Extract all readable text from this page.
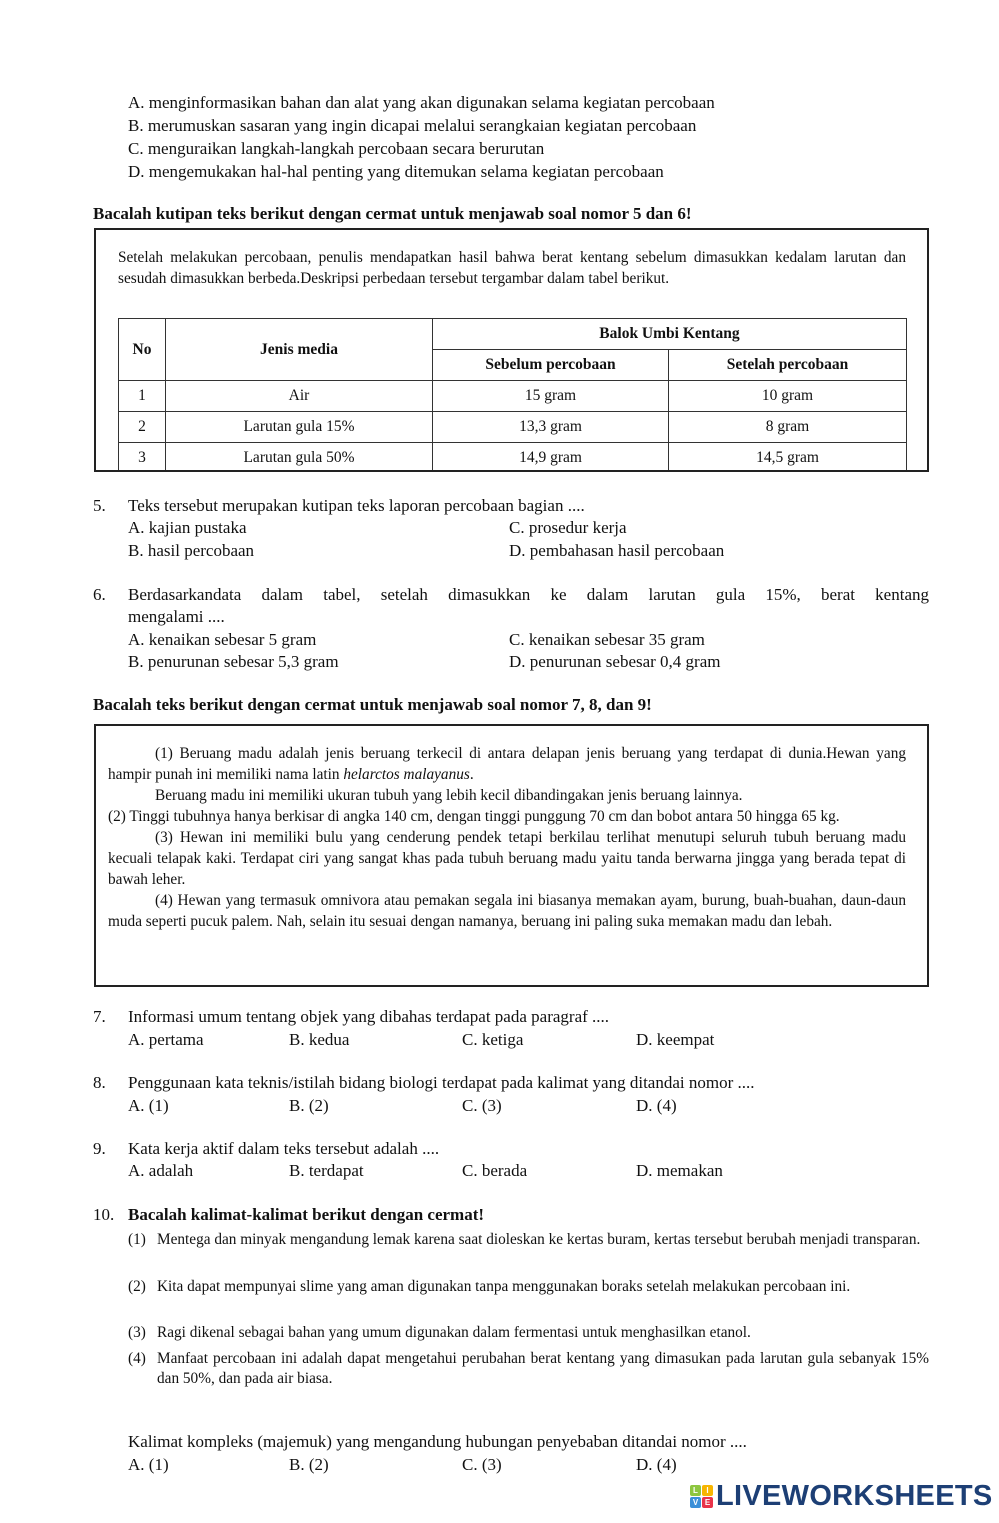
A. menginformasikan bahan dan alat yang akan digunakan selama kegiatan percobaan
B. merumuskan sasaran yang ingin dicapai melalui serangkaian kegiatan percobaan
C. menguraikan langkah-langkah percobaan secara berurutan
D. mengemukakan hal-hal penting yang ditemukan selama kegiatan percobaan
Bacalah kutipan teks berikut dengan cermat untuk menjawab soal nomor 5 dan 6!
Setelah melakukan percobaan, penulis mendapatkan hasil bahwa berat kentang sebelum dimasukkan kedalam larutan dan sesudah dimasukkan berbeda.Deskripsi perbedaan tersebut tergambar dalam tabel berikut.
No	Jenis media	Balok Umbi Kentang	
		Sebelum percobaan	Setelah percobaan
1	Air	15 gram	10 gram
2	Larutan gula 15%	13,3 gram	8 gram
3	Larutan gula 50%	14,9 gram	14,5 gram
5. Teks tersebut merupakan kutipan teks laporan percobaan bagian ....
A. kajian pustaka	C. prosedur kerja
B. hasil percobaan	D. pembahasan hasil percobaan
6. Berdasarkandata dalam tabel, setelah dimasukkan ke dalam larutan gula 15%, berat kentang
mengalami ....
A. kenaikan sebesar 5 gram	C. kenaikan sebesar 35 gram
B. penurunan sebesar 5,3 gram	D. penurunan sebesar 0,4 gram
Bacalah teks berikut dengan cermat untuk menjawab soal nomor 7, 8, dan 9!
(1) Beruang madu adalah jenis beruang terkecil di antara delapan jenis beruang yang terdapat di dunia.Hewan yang hampir punah ini memiliki nama latin helarctos malayanus.
Beruang madu ini memiliki ukuran tubuh yang lebih kecil dibandingakan jenis beruang lainnya.
(2) Tinggi tubuhnya hanya berkisar di angka 140 cm, dengan tinggi punggung 70 cm dan bobot antara 50 hingga 65 kg.
(3) Hewan ini memiliki bulu yang cenderung pendek tetapi berkilau terlihat menutupi seluruh tubuh beruang madu kecuali telapak kaki. Terdapat ciri yang sangat khas pada tubuh beruang madu yaitu tanda berwarna jingga yang berada tepat di bawah leher.
(4) Hewan yang termasuk omnivora atau pemakan segala ini biasanya memakan ayam, burung, buah-buahan, daun-daun muda seperti pucuk palem. Nah, selain itu sesuai dengan namanya, beruang ini paling suka memakan madu dan lebah.
7. Informasi umum tentang objek yang dibahas terdapat pada paragraf ....
A. pertama	B. kedua	C. ketiga	D. keempat
8. Penggunaan kata teknis/istilah bidang biologi terdapat pada kalimat yang ditandai nomor ....
A. (1)	B. (2)	C. (3)	D. (4)
9. Kata kerja aktif dalam teks tersebut adalah ....
A. adalah	B. terdapat	C. berada	D. memakan
10. Bacalah kalimat-kalimat berikut dengan cermat!
(1) Mentega dan minyak mengandung lemak karena saat dioleskan ke kertas buram, kertas tersebut berubah menjadi transparan.
(2) Kita dapat mempunyai slime yang aman digunakan tanpa menggunakan boraks setelah melakukan percobaan ini.
(3) Ragi dikenal sebagai bahan yang umum digunakan dalam fermentasi untuk menghasilkan etanol.
(4) Manfaat percobaan ini adalah dapat mengetahui perubahan berat kentang yang dimasukan pada larutan gula sebanyak 15% dan 50%, dan pada air biasa.
Kalimat kompleks (majemuk) yang mengandung hubungan penyebaban ditandai nomor ....
A. (1)	B. (2)	C. (3)	D. (4)
L	I
V E LIVEWORKSHEETS
